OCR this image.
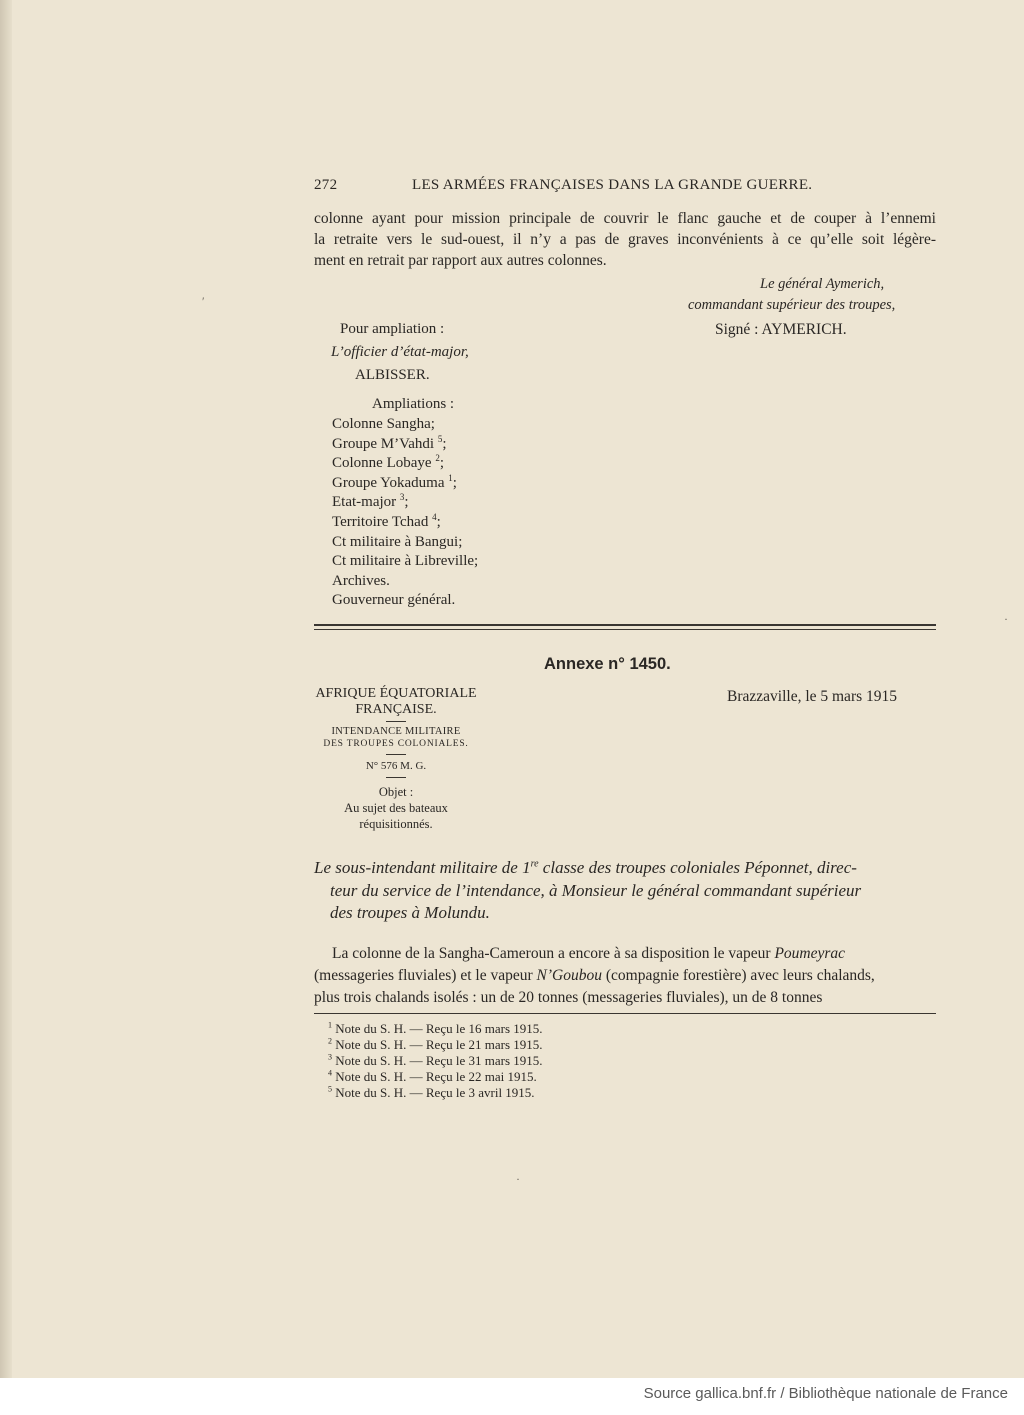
272	LES ARMÉES FRANÇAISES DANS LA GRANDE GUERRE.
colonne ayant pour mission principale de couvrir le flanc gauche et de couper à l’ennemi
la retraite vers le sud-ouest, il n’y a pas de graves inconvénients à ce qu’elle soit légère-
ment en retrait par rapport aux autres colonnes.
Le général Aymerich,
commandant supérieur des troupes,
Signé : AYMERICH.
Pour ampliation :
L’officier d’état-major,
ALBISSER.
Ampliations :
Colonne Sangha;
Groupe M’Vahdi $^5$;
Colonne Lobaye $^2$;
Groupe Yokaduma $^1$;
Etat-major $^3$;
Territoire Tchad $^4$;
Ct militaire à Bangui;
Ct militaire à Libreville;
Archives.
Gouverneur général.
Annexe n° 1450.
AFRIQUE ÉQUATORIALE
FRANÇAISE.
INTENDANCE MILITAIRE
DES TROUPES COLONIALES.
N° 576 M. G.
Objet :
Au sujet des bateaux
réquisitionnés.
Brazzaville, le 5 mars 1915
Le sous-intendant militaire de 1re classe des troupes coloniales Péponnet, direc-
teur du service de l’intendance, à Monsieur le général commandant supérieur
des troupes à Molundu.
La colonne de la Sangha-Cameroun a encore à sa disposition le vapeur Poumeyrac
(messageries fluviales) et le vapeur N’Goubou (compagnie forestière) avec leurs chalands,
plus trois chalands isolés : un de 20 tonnes (messageries fluviales), un de 8 tonnes
$^1$ Note du S. H. — Reçu le 16 mars 1915.
$^2$ Note du S. H. — Reçu le 21 mars 1915.
$^3$ Note du S. H. — Reçu le 31 mars 1915.
$^4$ Note du S. H. — Reçu le 22 mai 1915.
$^5$ Note du S. H. — Reçu le 3 avril 1915.
′
·
·
Source gallica.bnf.fr / Bibliothèque nationale de France
